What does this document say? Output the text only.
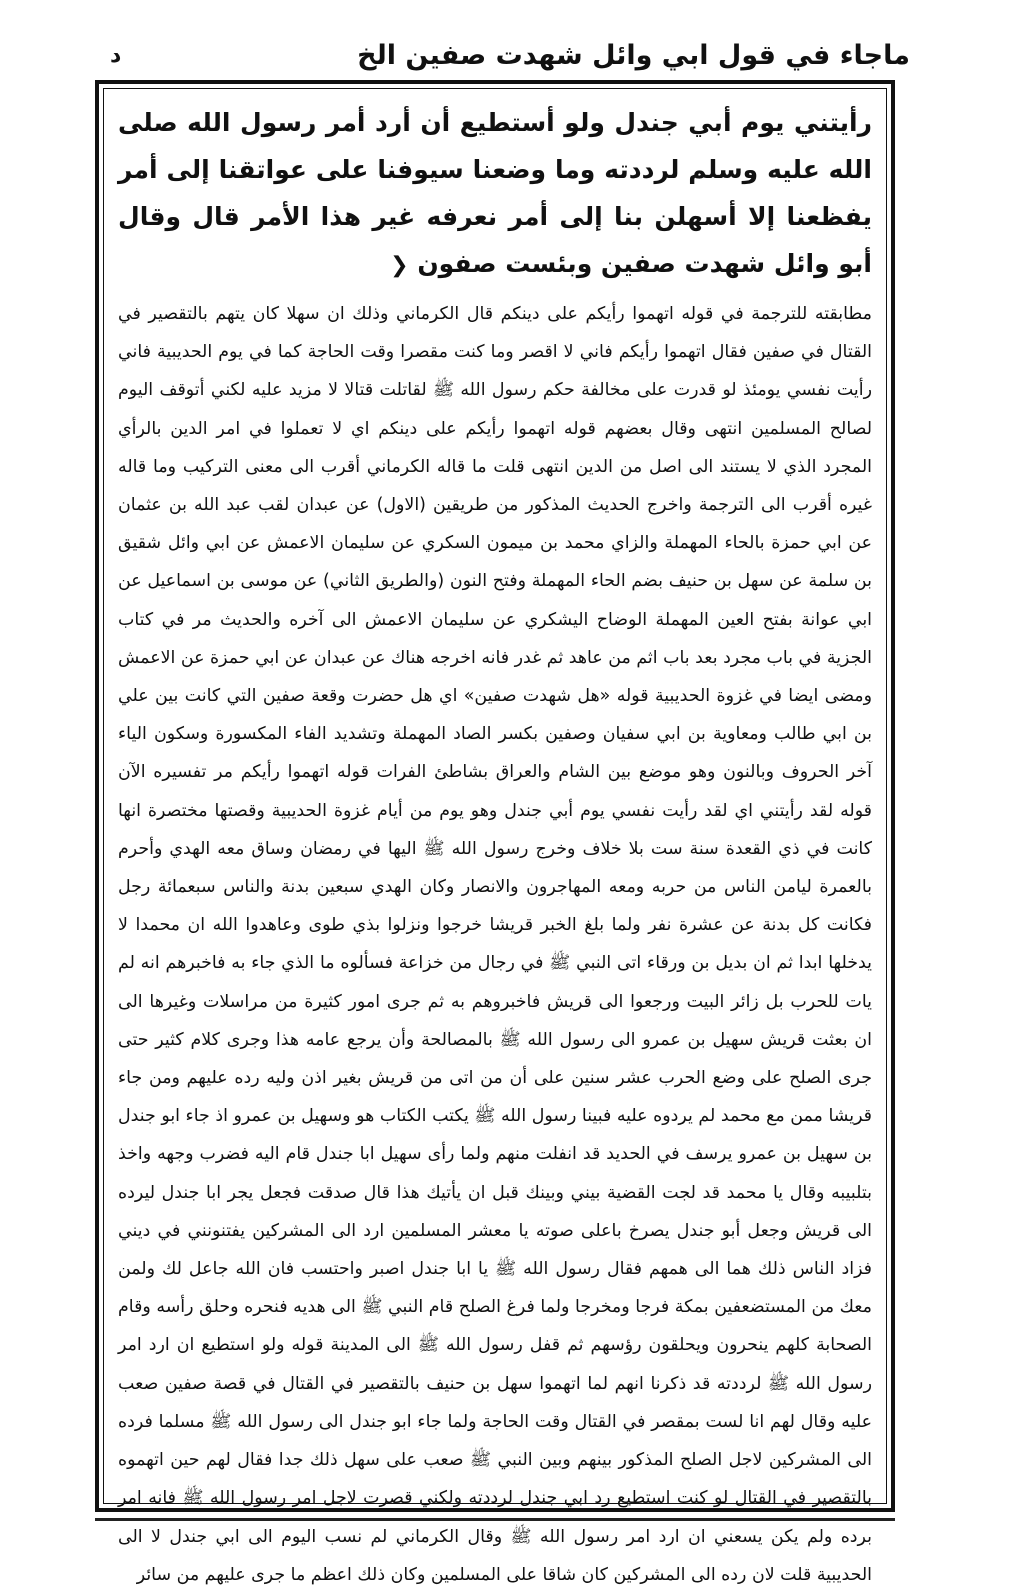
ماجاء في قول ابي وائل شهدت صفين الخ
د

رأيتني يوم أبي جندل ولو أستطيع أن أرد أمر رسول الله صلى الله عليه وسلم لرددته وما وضعنا سيوفنا على عواتقنا إلى أمر يفظعنا إلا أسهلن بنا إلى أمر نعرفه غير هذا الأمر قال وقال أبو وائل شهدت صفين وبئست صفون ❮

مطابقته للترجمة في قوله اتهموا رأيكم على دينكم قال الكرماني وذلك ان سهلا كان يتهم بالتقصير في القتال في صفين فقال اتهموا رأيكم فاني لا اقصر وما كنت مقصرا وقت الحاجة كما في يوم الحديبية فاني رأيت نفسي يومئذ لو قدرت على مخالفة حكم رسول الله ﷺ لقاتلت قتالا لا مزيد عليه لكني أتوقف اليوم لصالح المسلمين انتهى وقال بعضهم قوله اتهموا رأيكم على دينكم اي لا تعملوا في امر الدين بالرأي المجرد الذي لا يستند الى اصل من الدين انتهى قلت ما قاله الكرماني أقرب الى معنى التركيب وما قاله غيره أقرب الى الترجمة واخرج الحديث المذكور من طريقين (الاول) عن عبدان لقب عبد الله بن عثمان عن ابي حمزة بالحاء المهملة والزاي محمد بن ميمون السكري عن سليمان الاعمش عن ابي وائل شقيق بن سلمة عن سهل بن حنيف بضم الحاء المهملة وفتح النون (والطريق الثاني) عن موسى بن اسماعيل عن ابي عوانة بفتح العين المهملة الوضاح اليشكري عن سليمان الاعمش الى آخره والحديث مر في كتاب الجزية في باب مجرد بعد باب اثم من عاهد ثم غدر فانه اخرجه هناك عن عبدان عن ابي حمزة عن الاعمش ومضى ايضا في غزوة الحديبية قوله «هل شهدت صفين» اي هل حضرت وقعة صفين التي كانت بين علي بن ابي طالب ومعاوية بن ابي سفيان وصفين بكسر الصاد المهملة وتشديد الفاء المكسورة وسكون الياء آخر الحروف وبالنون وهو موضع بين الشام والعراق بشاطئ الفرات قوله اتهموا رأيكم مر تفسيره الآن قوله لقد رأيتني اي لقد رأيت نفسي يوم أبي جندل وهو يوم من أيام غزوة الحديبية وقصتها مختصرة انها كانت في ذي القعدة سنة ست بلا خلاف وخرج رسول الله ﷺ اليها في رمضان وساق معه الهدي وأحرم بالعمرة ليامن الناس من حربه ومعه المهاجرون والانصار وكان الهدي سبعين بدنة والناس سبعمائة رجل فكانت كل بدنة عن عشرة نفر ولما بلغ الخبر قريشا خرجوا ونزلوا بذي طوى وعاهدوا الله ان محمدا لا يدخلها ابدا ثم ان بديل بن ورقاء اتى النبي ﷺ في رجال من خزاعة فسألوه ما الذي جاء به فاخبرهم انه لم يات للحرب بل زائر البيت ورجعوا الى قريش فاخبروهم به ثم جرى امور كثيرة من مراسلات وغيرها الى ان بعثت قريش سهيل بن عمرو الى رسول الله ﷺ بالمصالحة وأن يرجع عامه هذا وجرى كلام كثير حتى جرى الصلح على وضع الحرب عشر سنين على أن من اتى من قريش بغير اذن وليه رده عليهم ومن جاء قريشا ممن مع محمد لم يردوه عليه فبينا رسول الله ﷺ يكتب الكتاب هو وسهيل بن عمرو اذ جاء ابو جندل بن سهيل بن عمرو يرسف في الحديد قد انفلت منهم ولما رأى سهيل ابا جندل قام اليه فضرب وجهه واخذ بتلبيبه وقال يا محمد قد لجت القضية بيني وبينك قبل ان يأتيك هذا قال صدقت فجعل يجر ابا جندل ليرده الى قريش وجعل أبو جندل يصرخ باعلى صوته يا معشر المسلمين ارد الى المشركين يفتنونني في ديني فزاد الناس ذلك هما الى همهم فقال رسول الله ﷺ يا ابا جندل اصبر واحتسب فان الله جاعل لك ولمن معك من المستضعفين بمكة فرجا ومخرجا ولما فرغ الصلح قام النبي ﷺ الى هديه فنحره وحلق رأسه وقام الصحابة كلهم ينحرون ويحلقون رؤسهم ثم قفل رسول الله ﷺ الى المدينة قوله ولو استطيع ان ارد امر رسول الله ﷺ لرددته قد ذكرنا انهم لما اتهموا سهل بن حنيف بالتقصير في القتال في قصة صفين صعب عليه وقال لهم انا لست بمقصر في القتال وقت الحاجة ولما جاء ابو جندل الى رسول الله ﷺ مسلما فرده الى المشركين لاجل الصلح المذكور بينهم وبين النبي ﷺ صعب على سهل ذلك جدا فقال لهم حين اتهموه بالتقصير في القتال لو كنت استطيع رد ابي جندل لرددته ولكني قصرت لاجل امر رسول الله ﷺ فانه امر برده ولم يكن يسعني ان ارد امر رسول الله ﷺ وقال الكرماني لم نسب اليوم الى ابي جندل لا الى الحديبية قلت لان رده الى المشركين كان شاقا على المسلمين وكان ذلك اعظم ما جرى عليهم من سائر
